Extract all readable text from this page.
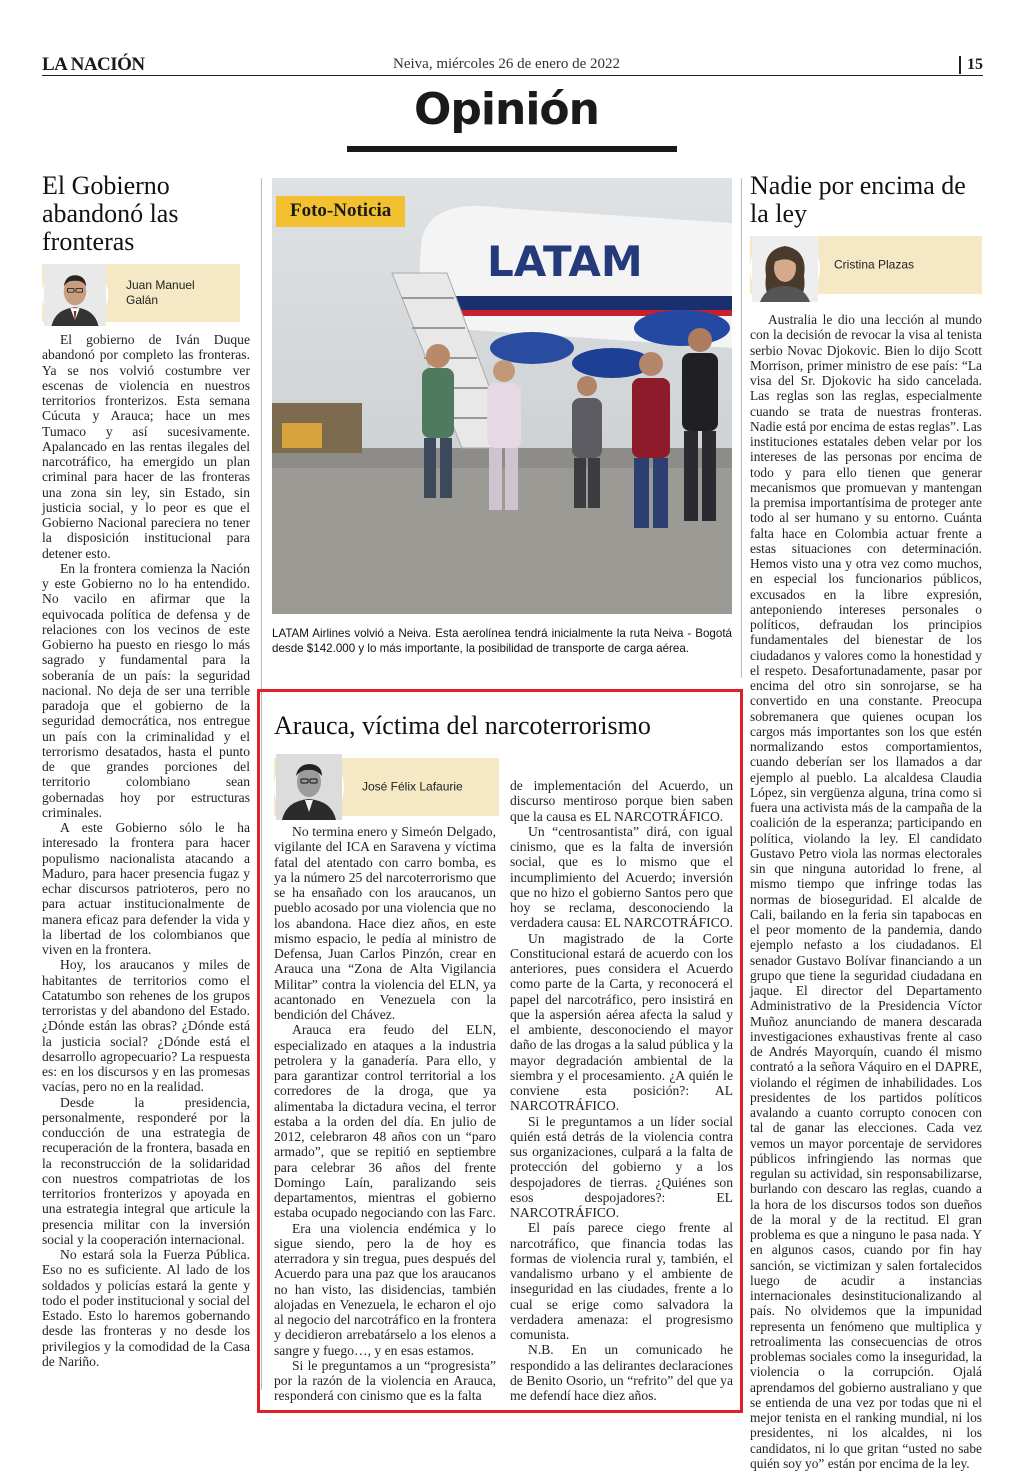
LA NACIÓN	Neiva, miércoles 26 de enero de 2022	15
Opinión
El Gobierno abandonó las fronteras
Juan Manuel Galán

El gobierno de Iván Duque abandonó por completo las fronteras. Ya se nos volvió costumbre ver escenas de violencia en nuestros territorios fronterizos. Esta semana Cúcuta y Arauca; hace un mes Tumaco y así sucesivamente. Apalancado en las rentas ilegales del narcotráfico, ha emergido un plan criminal para hacer de las fronteras una zona sin ley, sin Estado, sin justicia social, y lo peor es que el Gobierno Nacional pareciera no tener la disposición institucional para detener esto.

En la frontera comienza la Nación y este Gobierno no lo ha entendido. No vacilo en afirmar que la equivocada política de defensa y de relaciones con los vecinos de este Gobierno ha puesto en riesgo lo más sagrado y fundamental para la soberanía de un país: la seguridad nacional. No deja de ser una terrible paradoja que el gobierno de la seguridad democrática, nos entregue un país con la criminalidad y el terrorismo desatados, hasta el punto de que grandes porciones del territorio colombiano sean gobernadas hoy por estructuras criminales.

A este Gobierno sólo le ha interesado la frontera para hacer populismo nacionalista atacando a Maduro, para hacer presencia fugaz y echar discursos patrioteros, pero no para actuar institucionalmente de manera eficaz para defender la vida y la libertad de los colombianos que viven en la frontera.

Hoy, los araucanos y miles de habitantes de territorios como el Catatumbo son rehenes de los grupos terroristas y del abandono del Estado. ¿Dónde están las obras? ¿Dónde está la justicia social? ¿Dónde está el desarrollo agropecuario? La respuesta es: en los discursos y en las promesas vacías, pero no en la realidad.

Desde la presidencia, personalmente, responderé por la conducción de una estrategia de recuperación de la frontera, basada en la reconstrucción de la solidaridad con nuestros compatriotas de los territorios fronterizos y apoyada en una estrategia integral que articule la presencia militar con la inversión social y la cooperación internacional.

No estará sola la Fuerza Pública. Eso no es suficiente. Al lado de los soldados y policías estará la gente y todo el poder institucional y social del Estado. Esto lo haremos gobernando desde las fronteras y no desde los privilegios y la comodidad de la Casa de Nariño.

LATAM
Foto-Noticia
LATAM Airlines volvió a Neiva. Esta aerolínea tendrá inicialmente la ruta Neiva - Bogotá desde $142.000 y lo más importante, la posibilidad de transporte de carga aérea.
Arauca, víctima del narcoterrorismo
José Félix Lafaurie

No termina enero y Simeón Delgado, vigilante del ICA en Saravena y víctima fatal del atentado con carro bomba, es ya la número 25 del narcoterrorismo que se ha ensañado con los araucanos, un pueblo acosado por una violencia que no los abandona. Hace diez años, en este mismo espacio, le pedía al ministro de Defensa, Juan Carlos Pinzón, crear en Arauca una “Zona de Alta Vigilancia Militar” contra la violencia del ELN, ya acantonado en Venezuela con la bendición del Chávez.

Arauca era feudo del ELN, especializado en ataques a la industria petrolera y la ganadería. Para ello, y para garantizar control territorial a los corredores de la droga, que ya alimentaba la dictadura vecina, el terror estaba a la orden del día. En julio de 2012, celebraron 48 años con un “paro armado”, que se repitió en septiembre para celebrar 36 años del frente Domingo Laín, paralizando seis departamentos, mientras el gobierno estaba ocupado negociando con las Farc.

Era una violencia endémica y lo sigue siendo, pero la de hoy es aterradora y sin tregua, pues después del Acuerdo para una paz que los araucanos no han visto, las disidencias, también alojadas en Venezuela, le echaron el ojo al negocio del narcotráfico en la frontera y decidieron arrebatárselo a los elenos a sangre y fuego…, y en esas estamos.

Si le preguntamos a un “progresista” por la razón de la violencia en Arauca, responderá con cinismo que es la falta

de implementación del Acuerdo, un discurso mentiroso porque bien saben que la causa es EL NARCOTRÁFICO.

Un “centrosantista” dirá, con igual cinismo, que es la falta de inversión social, que es lo mismo que el incumplimiento del Acuerdo; inversión que no hizo el gobierno Santos pero que hoy se reclama, desconociendo la verdadera causa: EL NARCOTRÁFICO.

Un magistrado de la Corte Constitucional estará de acuerdo con los anteriores, pues considera el Acuerdo como parte de la Carta, y reconocerá el papel del narcotráfico, pero insistirá en que la aspersión aérea afecta la salud y el ambiente, desconociendo el mayor daño de las drogas a la salud pública y la mayor degradación ambiental de la siembra y el procesamiento. ¿A quién le conviene esta posición?: AL NARCOTRÁFICO.

Si le preguntamos a un líder social quién está detrás de la violencia contra sus organizaciones, culpará a la falta de protección del gobierno y a los despojadores de tierras. ¿Quiénes son esos despojadores?: EL NARCOTRÁFICO.

El país parece ciego frente al narcotráfico, que financia todas las formas de violencia rural y, también, el vandalismo urbano y el ambiente de inseguridad en las ciudades, frente a lo cual se erige como salvadora la verdadera amenaza: el progresismo comunista.

N.B. En un comunicado he respondido a las delirantes declaraciones de Benito Osorio, un “refrito” del que ya me defendí hace diez años.

Nadie por encima de la ley
Cristina Plazas

Australia le dio una lección al mundo con la decisión de revocar la visa al tenista serbio Novac Djokovic. Bien lo dijo Scott Morrison, primer ministro de ese país: “La visa del Sr. Djokovic ha sido cancelada. Las reglas son las reglas, especialmente cuando se trata de nuestras fronteras. Nadie está por encima de estas reglas”. Las instituciones estatales deben velar por los intereses de las personas por encima de todo y para ello tienen que generar mecanismos que promuevan y mantengan la premisa importantísima de proteger ante todo al ser humano y su entorno. Cuánta falta hace en Colombia actuar frente a estas situaciones con determinación. Hemos visto una y otra vez como muchos, en especial los funcionarios públicos, excusados en la libre expresión, anteponiendo intereses personales o políticos, defraudan los principios fundamentales del bienestar de los ciudadanos y valores como la honestidad y el respeto. Desafortunadamente, pasar por encima del otro sin sonrojarse, se ha convertido en una constante. Preocupa sobremanera que quienes ocupan los cargos más importantes son los que estén normalizando estos comportamientos, cuando deberían ser los llamados a dar ejemplo al pueblo. La alcaldesa Claudia López, sin vergüenza alguna, trina como si fuera una activista más de la campaña de la coalición de la esperanza; participando en política, violando la ley. El candidato Gustavo Petro viola las normas electorales sin que ninguna autoridad lo frene, al mismo tiempo que infringe todas las normas de bioseguridad. El alcalde de Cali, bailando en la feria sin tapabocas en el peor momento de la pandemia, dando ejemplo nefasto a los ciudadanos. El senador Gustavo Bolívar financiando a un grupo que tiene la seguridad ciudadana en jaque. El director del Departamento Administrativo de la Presidencia Víctor Muñoz anunciando de manera descarada investigaciones exhaustivas frente al caso de Andrés Mayorquín, cuando él mismo contrató a la señora Váquiro en el DAPRE, violando el régimen de inhabilidades. Los presidentes de los partidos políticos avalando a cuanto corrupto conocen con tal de ganar las elecciones. Cada vez vemos un mayor porcentaje de servidores públicos infringiendo las normas que regulan su actividad, sin responsabilizarse, burlando con descaro las reglas, cuando a la hora de los discursos todos son dueños de la moral y de la rectitud. El gran problema es que a ninguno le pasa nada. Y en algunos casos, cuando por fin hay sanción, se victimizan y salen fortalecidos luego de acudir a instancias internacionales desinstitucionalizando al país. No olvidemos que la impunidad representa un fenómeno que multiplica y retroalimenta las consecuencias de otros problemas sociales como la inseguridad, la violencia o la corrupción. Ojalá aprendamos del gobierno australiano y que se entienda de una vez por todas que ni el mejor tenista en el ranking mundial, ni los presidentes, ni los alcaldes, ni los candidatos, ni lo que gritan “usted no sabe quién soy yo” están por encima de la ley.
